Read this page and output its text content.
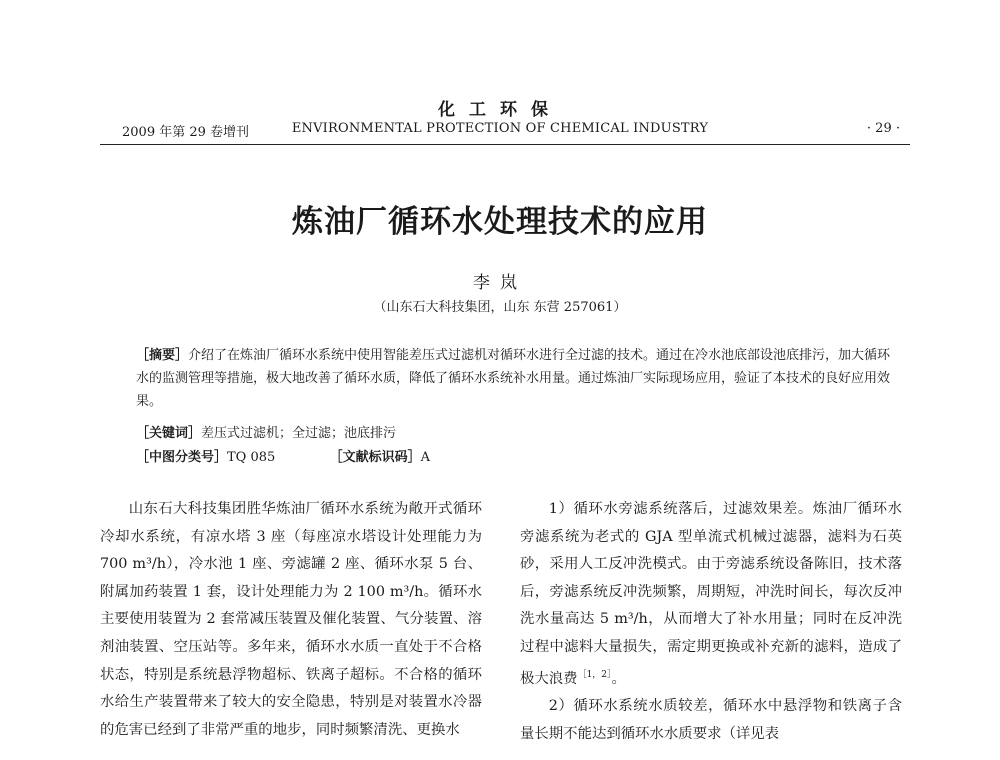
化工环保
2009 年第 29 卷增刊	ENVIRONMENTAL PROTECTION OF CHEMICAL INDUSTRY	· 29 ·
炼油厂循环水处理技术的应用
李岚
（山东石大科技集团，山东 东营 257061）
［摘要］介绍了在炼油厂循环水系统中使用智能差压式过滤机对循环水进行全过滤的技术。通过在冷水池底部设池底排污，加大循环水的监测管理等措施，极大地改善了循环水质，降低了循环水系统补水用量。通过炼油厂实际现场应用，验证了本技术的良好应用效果。
［关键词］差压式过滤机；全过滤；池底排污
［中图分类号］TQ 085	［文献标识码］A

山东石大科技集团胜华炼油厂循环水系统为敞开式循环冷却水系统，有凉水塔 3 座（每座凉水塔设计处理能力为 700 m³/h），冷水池 1 座、旁滤罐 2 座、循环水泵 5 台、附属加药装置 1 套，设计处理能力为 2 100 m³/h。循环水主要使用装置为 2 套常减压装置及催化装置、气分装置、溶剂油装置、空压站等。多年来，循环水水质一直处于不合格状态，特别是系统悬浮物超标、铁离子超标。不合格的循环水给生产装置带来了较大的安全隐患，特别是对装置水冷器的危害已经到了非常严重的地步，同时频繁清洗、更换水

1）循环水旁滤系统落后，过滤效果差。炼油厂循环水旁滤系统为老式的 GJA 型单流式机械过滤器，滤料为石英砂，采用人工反冲洗模式。由于旁滤系统设备陈旧，技术落后，旁滤系统反冲洗频繁，周期短，冲洗时间长，每次反冲洗水量高达 5 m³/h，从而增大了补水用量；同时在反冲洗过程中滤料大量损失，需定期更换或补充新的滤料，造成了极大浪费$^{[1,2]}$。

2）循环水系统水质较差，循环水中悬浮物和铁离子含量长期不能达到循环水水质要求（详见表
